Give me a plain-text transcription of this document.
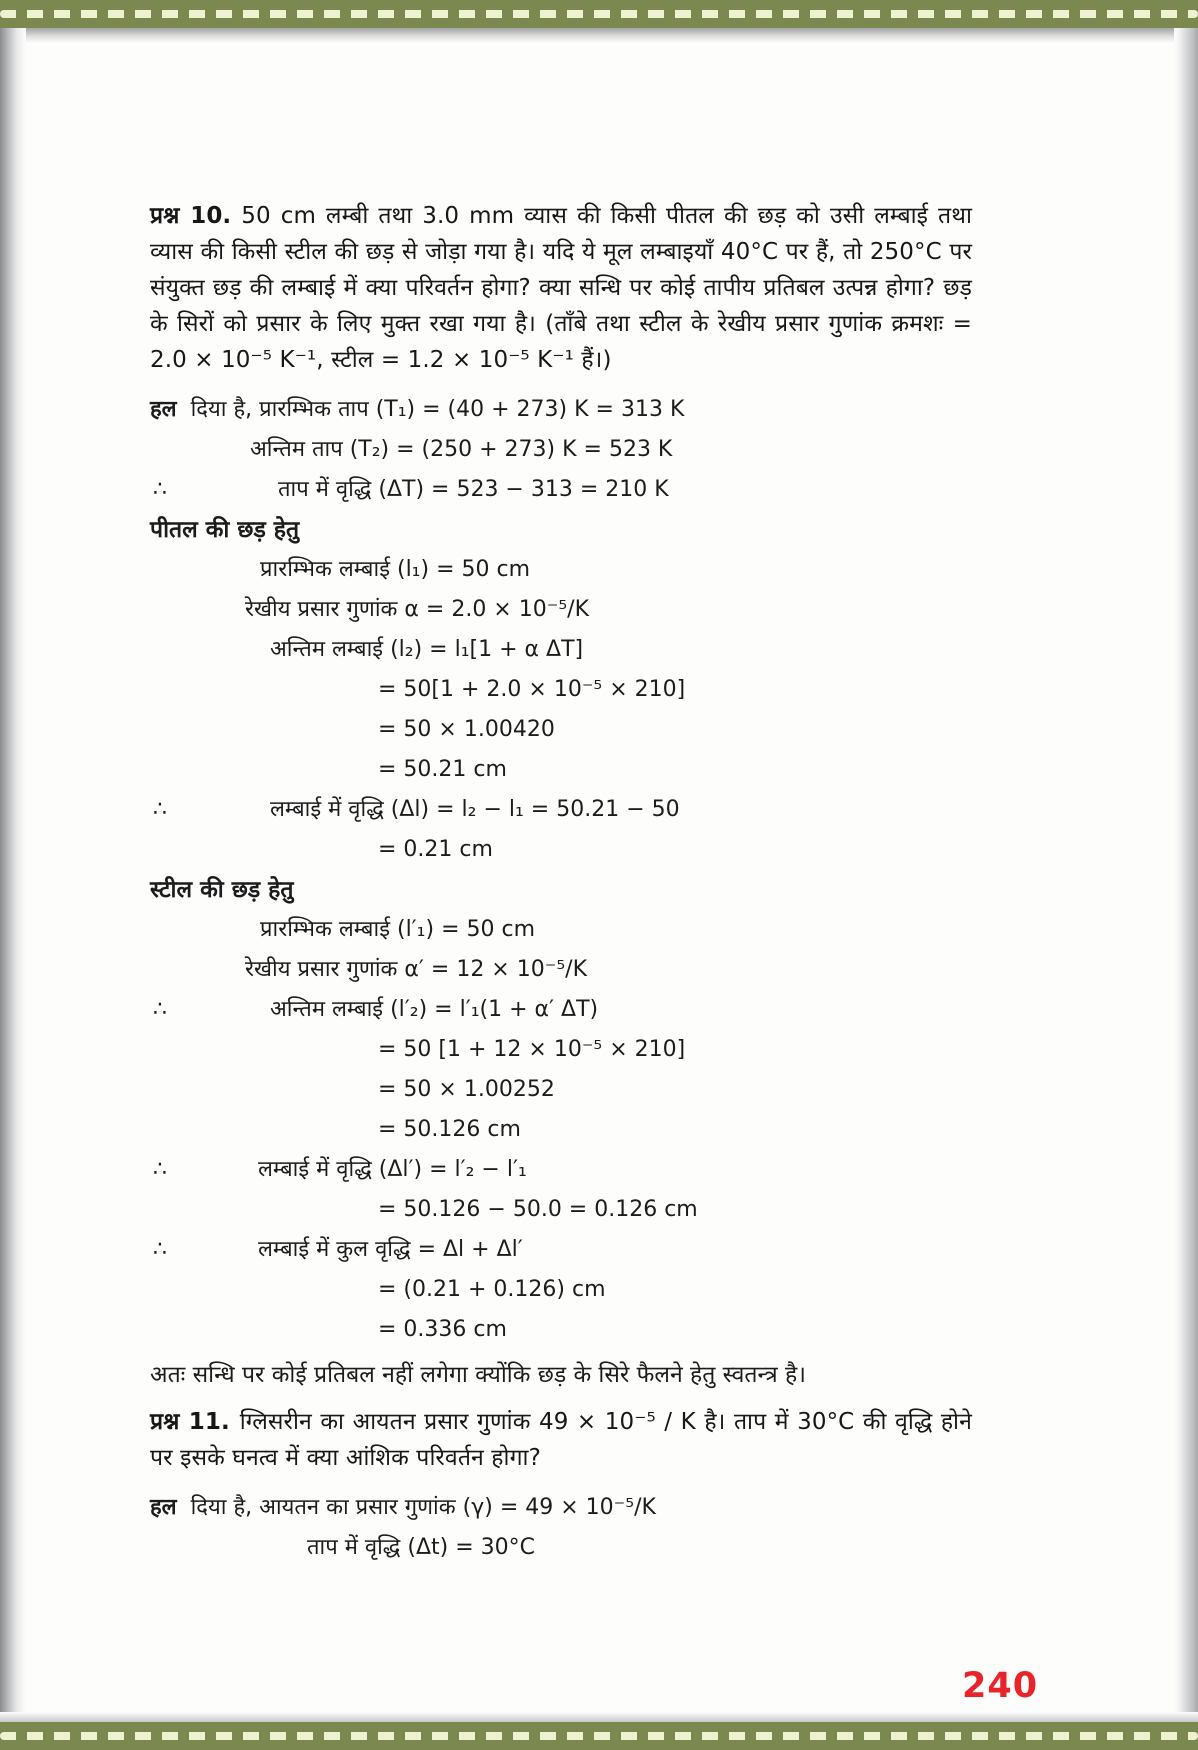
प्रश्न 10. 50 cm लम्बी तथा 3.0 mm व्यास की किसी पीतल की छड़ को उसी लम्बाई तथा व्यास की किसी स्टील की छड़ से जोड़ा गया है। यदि ये मूल लम्बाइयाँ 40°C पर हैं, तो 250°C पर संयुक्त छड़ की लम्बाई में क्या परिवर्तन होगा? क्या सन्धि पर कोई तापीय प्रतिबल उत्पन्न होगा? छड़ के सिरों को प्रसार के लिए मुक्त रखा गया है। (ताँबे तथा स्टील के रेखीय प्रसार गुणांक क्रमशः = 2.0 × 10⁻⁵ K⁻¹, स्टील = 1.2 × 10⁻⁵ K⁻¹ हैं।)
हल दिया है, प्रारम्भिक ताप (T₁) = (40 + 273) K = 313 K
अन्तिम ताप (T₂) = (250 + 273) K = 523 K
∴	ताप में वृद्धि (ΔT) = 523 − 313 = 210 K
पीतल की छड़ हेतु
प्रारम्भिक लम्बाई (l₁) = 50 cm
रेखीय प्रसार गुणांक α = 2.0 × 10⁻⁵/K
अन्तिम लम्बाई (l₂) = l₁[1 + α ΔT]
= 50[1 + 2.0 × 10⁻⁵ × 210]
= 50 × 1.00420
= 50.21 cm
∴	लम्बाई में वृद्धि (Δl) = l₂ − l₁ = 50.21 − 50
= 0.21 cm
स्टील की छड़ हेतु
प्रारम्भिक लम्बाई (l′₁) = 50 cm
रेखीय प्रसार गुणांक α′ = 12 × 10⁻⁵/K
∴	अन्तिम लम्बाई (l′₂) = l′₁(1 + α′ ΔT)
= 50 [1 + 12 × 10⁻⁵ × 210]
= 50 × 1.00252
= 50.126 cm
∴	लम्बाई में वृद्धि (Δl′) = l′₂ − l′₁
= 50.126 − 50.0 = 0.126 cm
∴	लम्बाई में कुल वृद्धि = Δl + Δl′
= (0.21 + 0.126) cm
= 0.336 cm
अतः सन्धि पर कोई प्रतिबल नहीं लगेगा क्योंकि छड़ के सिरे फैलने हेतु स्वतन्त्र है।
प्रश्न 11. ग्लिसरीन का आयतन प्रसार गुणांक 49 × 10⁻⁵ / K है। ताप में 30°C की वृद्धि होने पर इसके घनत्व में क्या आंशिक परिवर्तन होगा?
हल दिया है, आयतन का प्रसार गुणांक (γ) = 49 × 10⁻⁵/K
ताप में वृद्धि (Δt) = 30°C
240
